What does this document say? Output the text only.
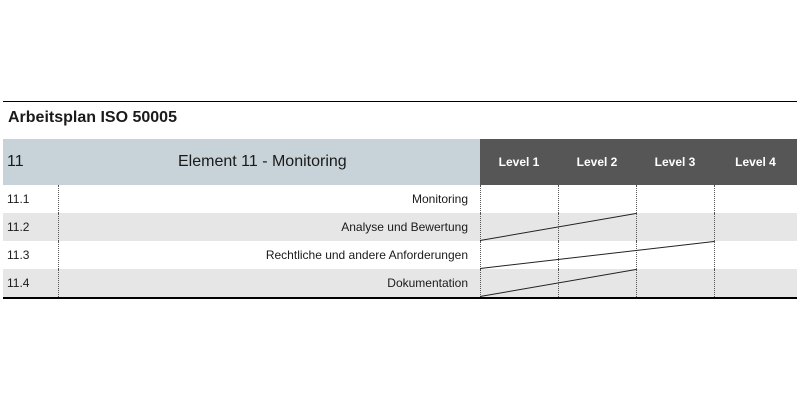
Arbeitsplan ISO 50005
11	Element 11 - Monitoring	Level 1	Level 2	Level 3	Level 4
11.1	Monitoring
11.2	Analyse und Bewertung
11.3	Rechtliche und andere Anforderungen
11.4	Dokumentation
